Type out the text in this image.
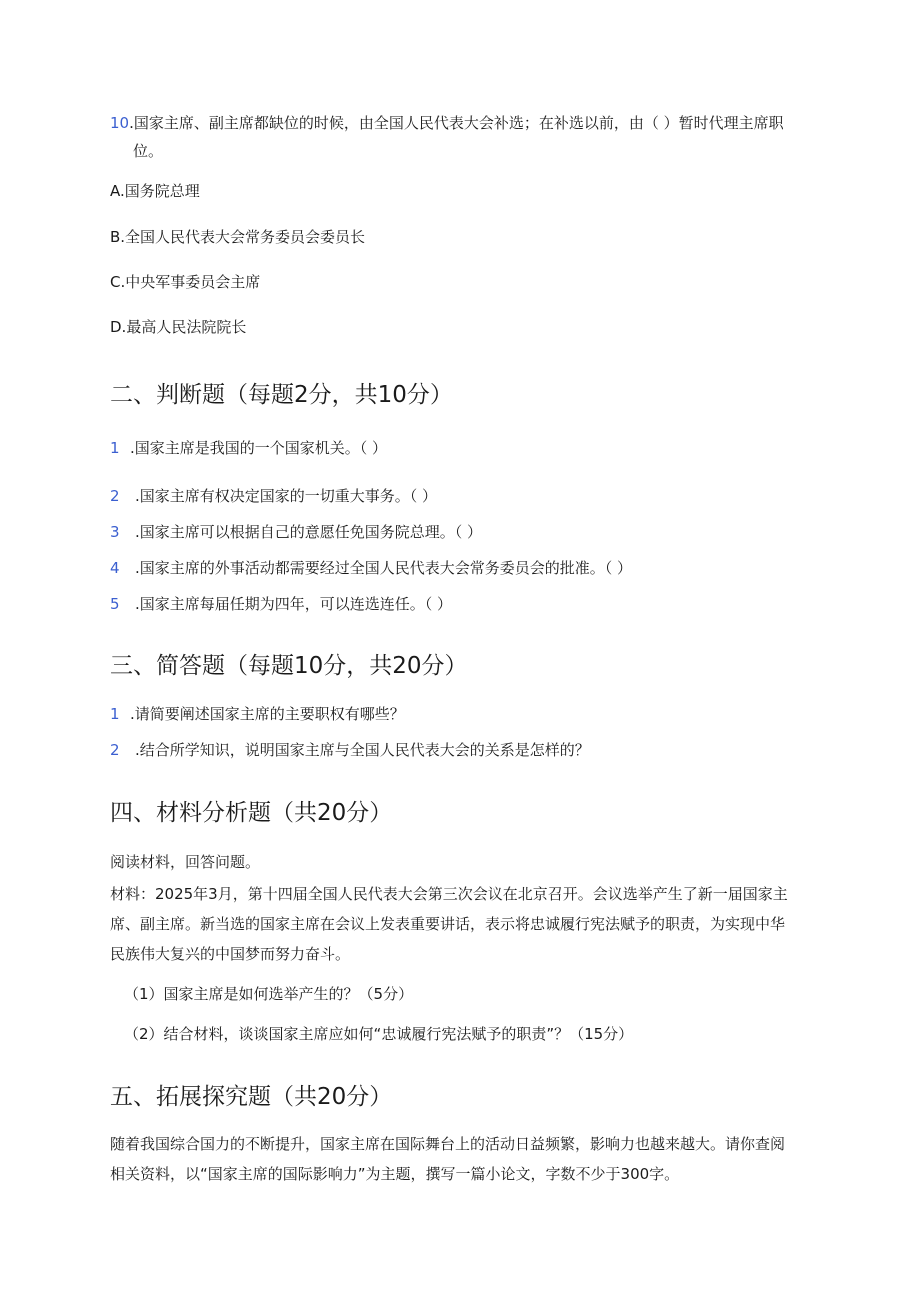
10.国家主席、副主席都缺位的时候，由全国人民代表大会补选；在补选以前，由（ ）暂时代理主席职
位。
A.国务院总理
B.全国人民代表大会常务委员会委员长
C.中央军事委员会主席
D.最高人民法院院长
二、判断题（每题2分，共10分）
1 .国家主席是我国的一个国家机关。（ ）
2 .国家主席有权决定国家的一切重大事务。（ ）
3 .国家主席可以根据自己的意愿任免国务院总理。（ ）
4 .国家主席的外事活动都需要经过全国人民代表大会常务委员会的批准。（ ）
5 .国家主席每届任期为四年，可以连选连任。（ ）
三、简答题（每题10分，共20分）
1 .请简要阐述国家主席的主要职权有哪些？
2 .结合所学知识，说明国家主席与全国人民代表大会的关系是怎样的？
四、材料分析题（共20分）
阅读材料，回答问题。
材料：2025年3月，第十四届全国人民代表大会第三次会议在北京召开。会议选举产生了新一届国家主
席、副主席。新当选的国家主席在会议上发表重要讲话，表示将忠诚履行宪法赋予的职责，为实现中华
民族伟大复兴的中国梦而努力奋斗。
（1）国家主席是如何选举产生的？（5分）
（2）结合材料，谈谈国家主席应如何“忠诚履行宪法赋予的职责”？（15分）
五、拓展探究题（共20分）
随着我国综合国力的不断提升，国家主席在国际舞台上的活动日益频繁，影响力也越来越大。请你查阅
相关资料，以“国家主席的国际影响力”为主题，撰写一篇小论文，字数不少于300字。
